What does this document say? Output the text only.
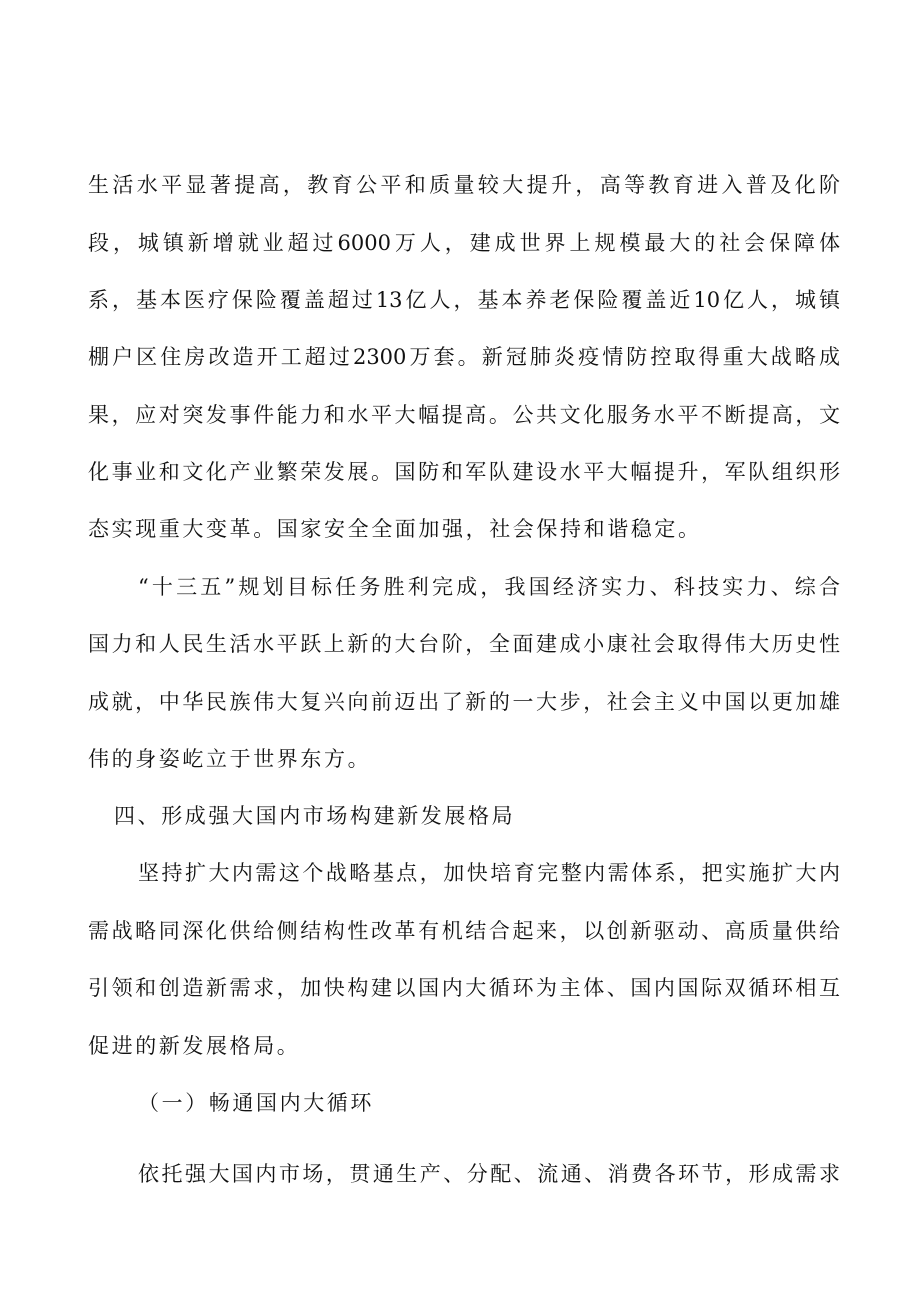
生活水平显著提高，教育公平和质量较大提升，高等教育进入普及化阶
段，城镇新增就业超过6000万人，建成世界上规模最大的社会保障体
系，基本医疗保险覆盖超过13亿人，基本养老保险覆盖近10亿人，城镇
棚户区住房改造开工超过2300万套。新冠肺炎疫情防控取得重大战略成
果，应对突发事件能力和水平大幅提高。公共文化服务水平不断提高，文
化事业和文化产业繁荣发展。国防和军队建设水平大幅提升，军队组织形
态实现重大变革。国家安全全面加强，社会保持和谐稳定。
“十三五”规划目标任务胜利完成，我国经济实力、科技实力、综合
国力和人民生活水平跃上新的大台阶，全面建成小康社会取得伟大历史性
成就，中华民族伟大复兴向前迈出了新的一大步，社会主义中国以更加雄
伟的身姿屹立于世界东方。
四、形成强大国内市场构建新发展格局
坚持扩大内需这个战略基点，加快培育完整内需体系，把实施扩大内
需战略同深化供给侧结构性改革有机结合起来，以创新驱动、高质量供给
引领和创造新需求，加快构建以国内大循环为主体、国内国际双循环相互
促进的新发展格局。
（一）畅通国内大循环
依托强大国内市场，贯通生产、分配、流通、消费各环节，形成需求
